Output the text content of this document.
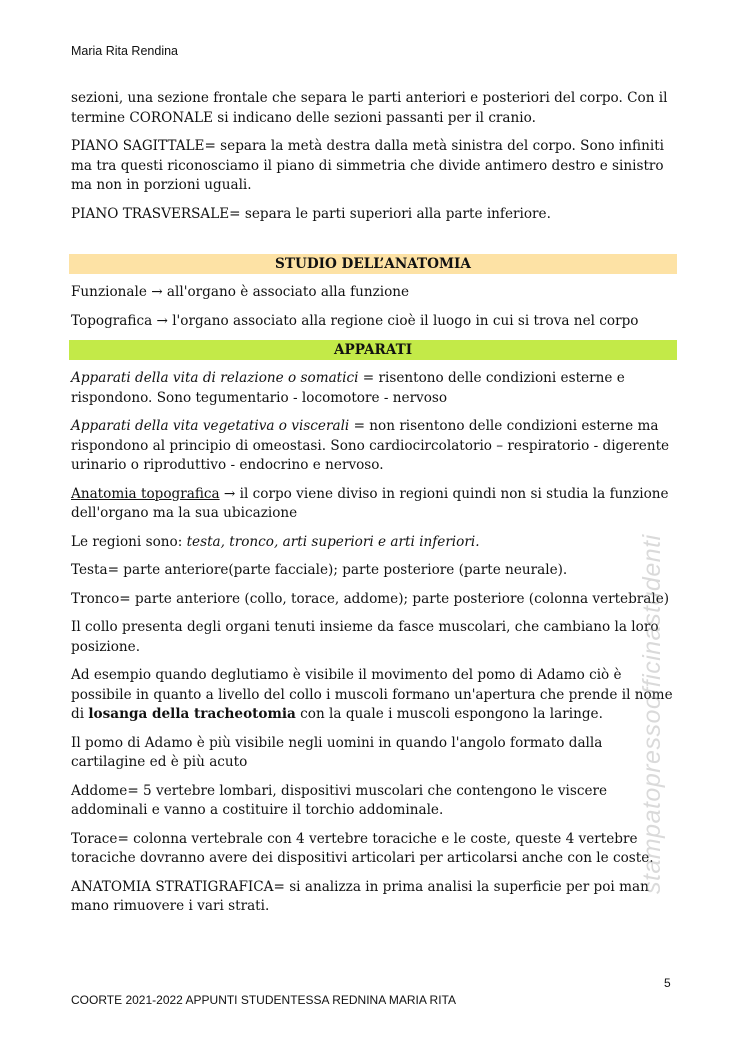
Maria Rita Rendina

sezioni, una sezione frontale che separa le parti anteriori e posteriori del corpo. Con il termine CORONALE si indicano delle sezioni passanti per il cranio.

PIANO SAGITTALE= separa la metà destra dalla metà sinistra del corpo. Sono infiniti ma tra questi riconosciamo il piano di simmetria che divide antimero destro e sinistro ma non in porzioni uguali.

PIANO TRASVERSALE= separa le parti superiori alla parte inferiore.

STUDIO DELL’ANATOMIA

Funzionale → all'organo è associato alla funzione

Topografica → l'organo associato alla regione cioè il luogo in cui si trova nel corpo

APPARATI

Apparati della vita di relazione o somatici = risentono delle condizioni esterne e rispondono. Sono tegumentario - locomotore - nervoso

Apparati della vita vegetativa o viscerali = non risentono delle condizioni esterne ma rispondono al principio di omeostasi. Sono cardiocircolatorio – respiratorio - digerente urinario o riproduttivo - endocrino e nervoso.

Anatomia topografica → il corpo viene diviso in regioni quindi non si studia la funzione dell'organo ma la sua ubicazione

Le regioni sono: testa, tronco, arti superiori e arti inferiori.

Testa= parte anteriore(parte facciale); parte posteriore (parte neurale).

Tronco= parte anteriore (collo, torace, addome); parte posteriore (colonna vertebrale)

Il collo presenta degli organi tenuti insieme da fasce muscolari, che cambiano la loro posizione.

Ad esempio quando deglutiamo è visibile il movimento del pomo di Adamo ciò è possibile in quanto a livello del collo i muscoli formano un'apertura che prende il nome di losanga della tracheotomia con la quale i muscoli espongono la laringe.

Il pomo di Adamo è più visibile negli uomini in quando l'angolo formato dalla cartilagine ed è più acuto

Addome= 5 vertebre lombari, dispositivi muscolari che contengono le viscere addominali e vanno a costituire il torchio addominale.

Torace= colonna vertebrale con 4 vertebre toraciche e le coste, queste 4 vertebre toraciche dovranno avere dei dispositivi articolari per articolarsi anche con le coste.

ANATOMIA STRATIGRAFICA= si analizza in prima analisi la superficie per poi man mano rimuovere i vari strati.

stampatopressoofficinastudenti
5
COORTE 2021-2022 APPUNTI STUDENTESSA REDNINA MARIA RITA
